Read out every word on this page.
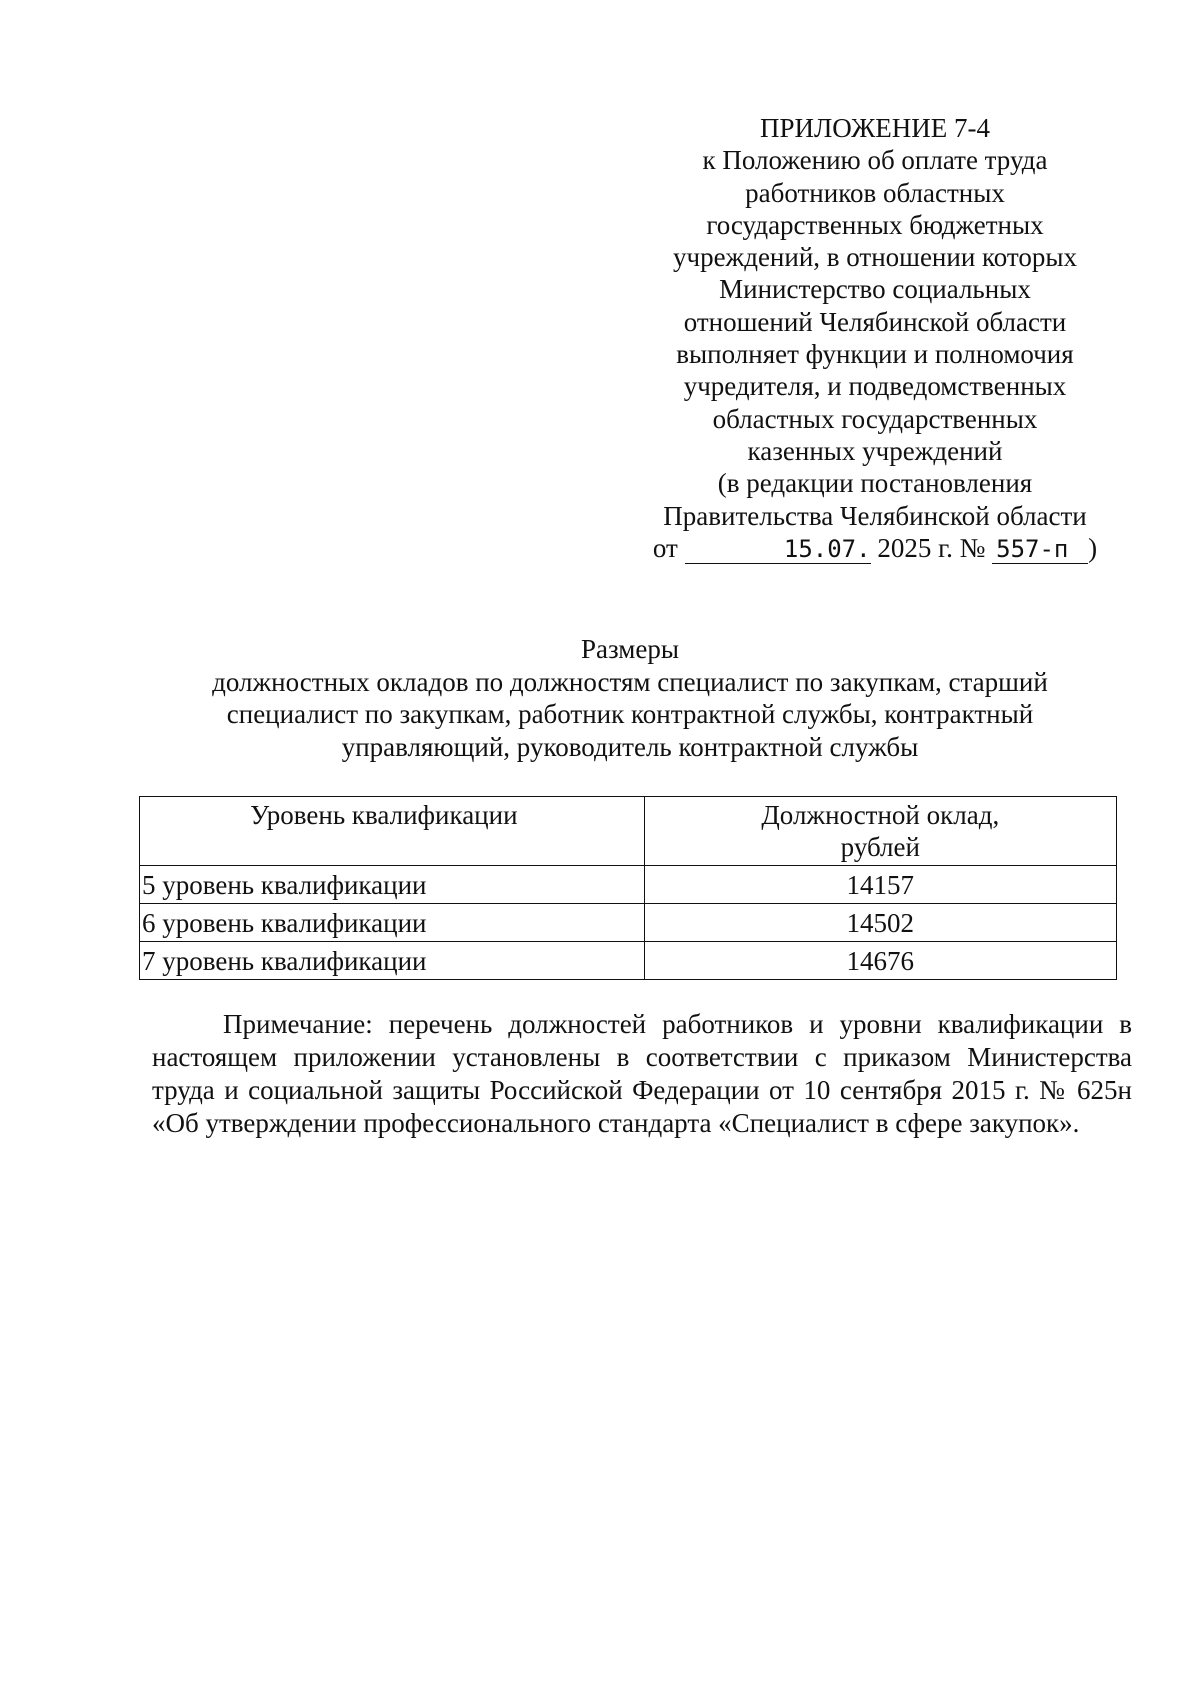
ПРИЛОЖЕНИЕ 7-4
к Положению об оплате труда
работников областных
государственных бюджетных
учреждений, в отношении которых
Министерство социальных
отношений Челябинской области
выполняет функции и полномочия
учредителя, и подведомственных
областных государственных
казенных учреждений
(в редакции постановления
Правительства Челябинской области
от	15.07. 2025 г. № 557-п )
Размеры
должностных окладов по должностям специалист по закупкам, старший
специалист по закупкам, работник контрактной службы, контрактный
управляющий, руководитель контрактной службы
Уровень квалификации	Должностной оклад,
рублей

5 уровень квалификации	14157
6 уровень квалификации	14502
7 уровень квалификации	14676
Примечание: перечень должностей работников и уровни квалификации в настоящем приложении установлены в соответствии с приказом Министерства труда и социальной защиты Российской Федерации от 10 сентября 2015 г. № 625н «Об утверждении профессионального стандарта «Специалист в сфере закупок».
